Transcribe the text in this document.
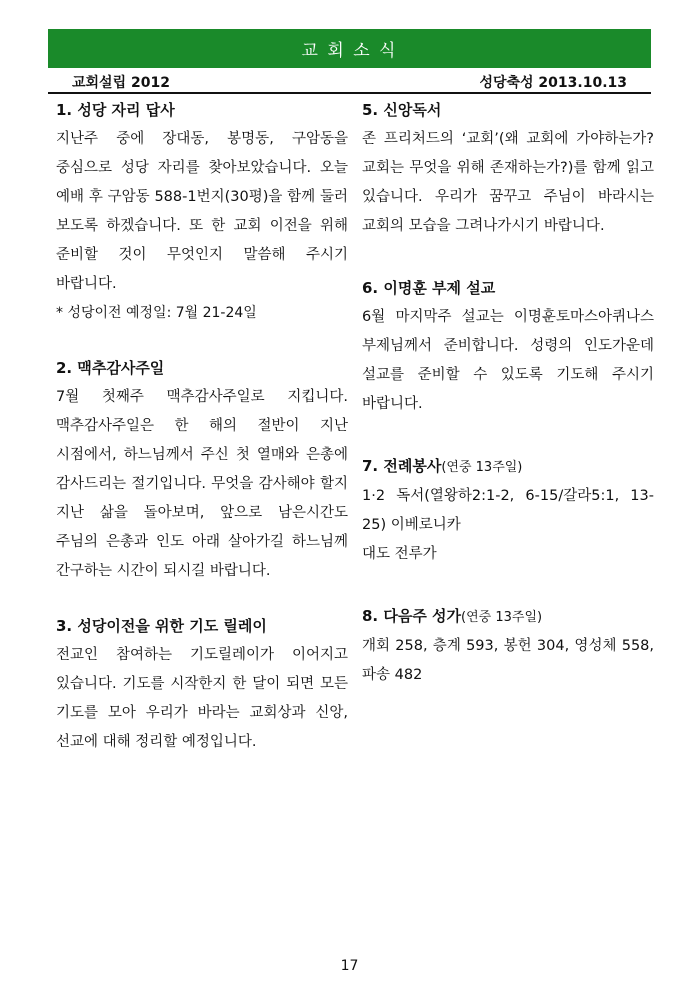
교 회 소 식
교회설립 2012	성당축성 2013.10.13
1. 성당 자리 답사
지난주 중에 장대동, 봉명동, 구암동을 중심으로 성당 자리를 찾아보았습니다. 오늘 예배 후 구암동 588-1번지(30평)을 함께 둘러 보도록 하겠습니다. 또 한 교회 이전을 위해 준비할 것이 무엇인지 말씀해 주시기 바랍니다.
* 성당이전 예정일: 7월 21-24일
2. 맥추감사주일
7월 첫째주 맥추감사주일로 지킵니다. 맥추감사주일은 한 해의 절반이 지난 시점에서, 하느님께서 주신 첫 열매와 은총에 감사드리는 절기입니다. 무엇을 감사해야 할지 지난 삶을 돌아보며, 앞으로 남은시간도 주님의 은총과 인도 아래 살아가길 하느님께 간구하는 시간이 되시길 바랍니다.
3. 성당이전을 위한 기도 릴레이
전교인 참여하는 기도릴레이가 이어지고 있습니다. 기도를 시작한지 한 달이 되면 모든 기도를 모아 우리가 바라는 교회상과 신앙, 선교에 대해 정리할 예정입니다.
5. 신앙독서
존 프리처드의 ‘교회’(왜 교회에 가야하는가? 교회는 무엇을 위해 존재하는가?)를 함께 읽고 있습니다. 우리가 꿈꾸고 주님이 바라시는 교회의 모습을 그려나가시기 바랍니다.
6. 이명훈 부제 설교
6월 마지막주 설교는 이명훈토마스아퀴나스 부제님께서 준비합니다. 성령의 인도가운데 설교를 준비할 수 있도록 기도해 주시기 바랍니다.
7. 전례봉사(연중 13주일)
1·2 독서(열왕하2:1-2, 6-15/갈라5:1, 13-25) 이베로니카
대도 전루가
8. 다음주 성가(연중 13주일)
개회 258, 층계 593, 봉헌 304, 영성체 558, 파송 482
17
